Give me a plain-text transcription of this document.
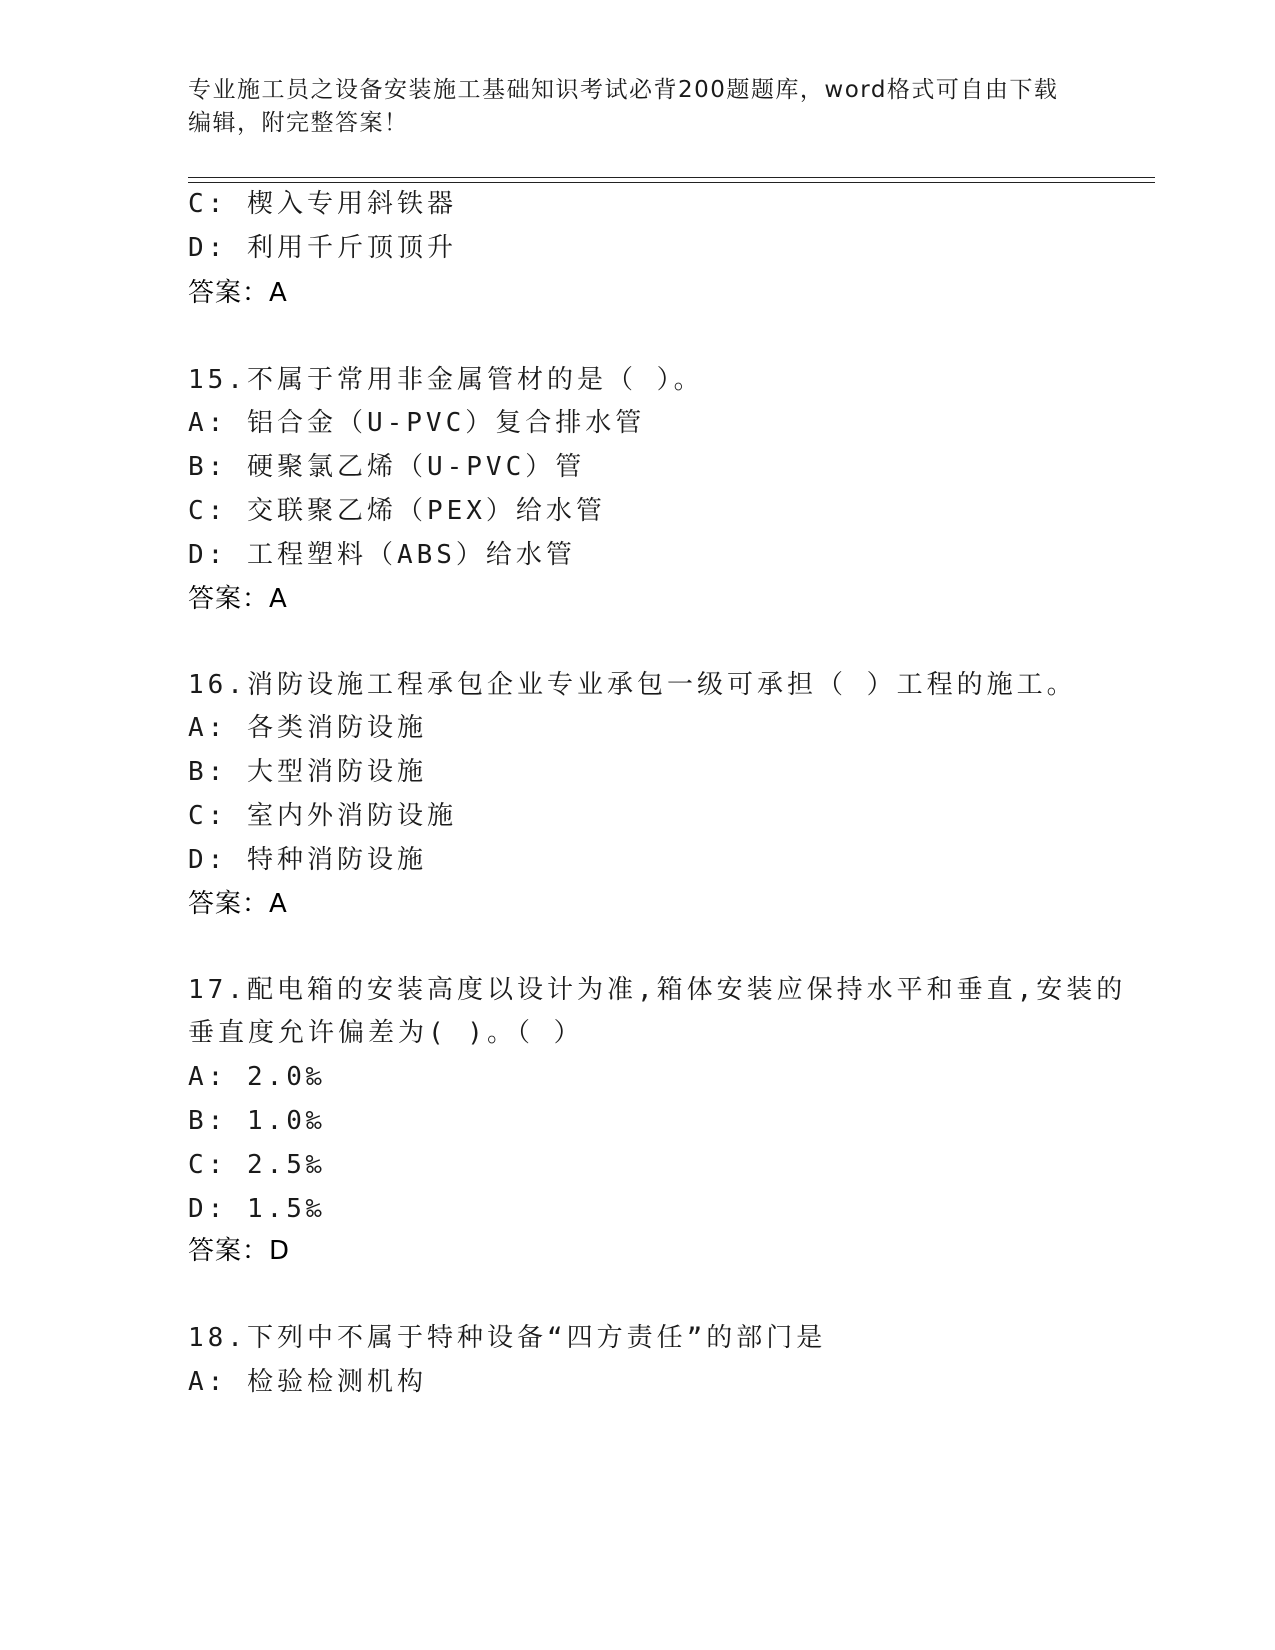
专业施工员之设备安装施工基础知识考试必背200题题库，word格式可自由下载
编辑，附完整答案！
C: 楔入专用斜铁器
D: 利用千斤顶顶升
答案：A
15.不属于常用非金属管材的是（ ）。
A: 铝合金（U-PVC）复合排水管
B: 硬聚氯乙烯（U-PVC）管
C: 交联聚乙烯（PEX）给水管
D: 工程塑料（ABS）给水管
答案：A
16.消防设施工程承包企业专业承包一级可承担（ ）工程的施工。
A: 各类消防设施
B: 大型消防设施
C: 室内外消防设施
D: 特种消防设施
答案：A
17.配电箱的安装高度以设计为准,箱体安装应保持水平和垂直,安装的
垂直度允许偏差为( )。（ ）
A: 2.0‰
B: 1.0‰
C: 2.5‰
D: 1.5‰
答案：D
18.下列中不属于特种设备“四方责任”的部门是
A: 检验检测机构
